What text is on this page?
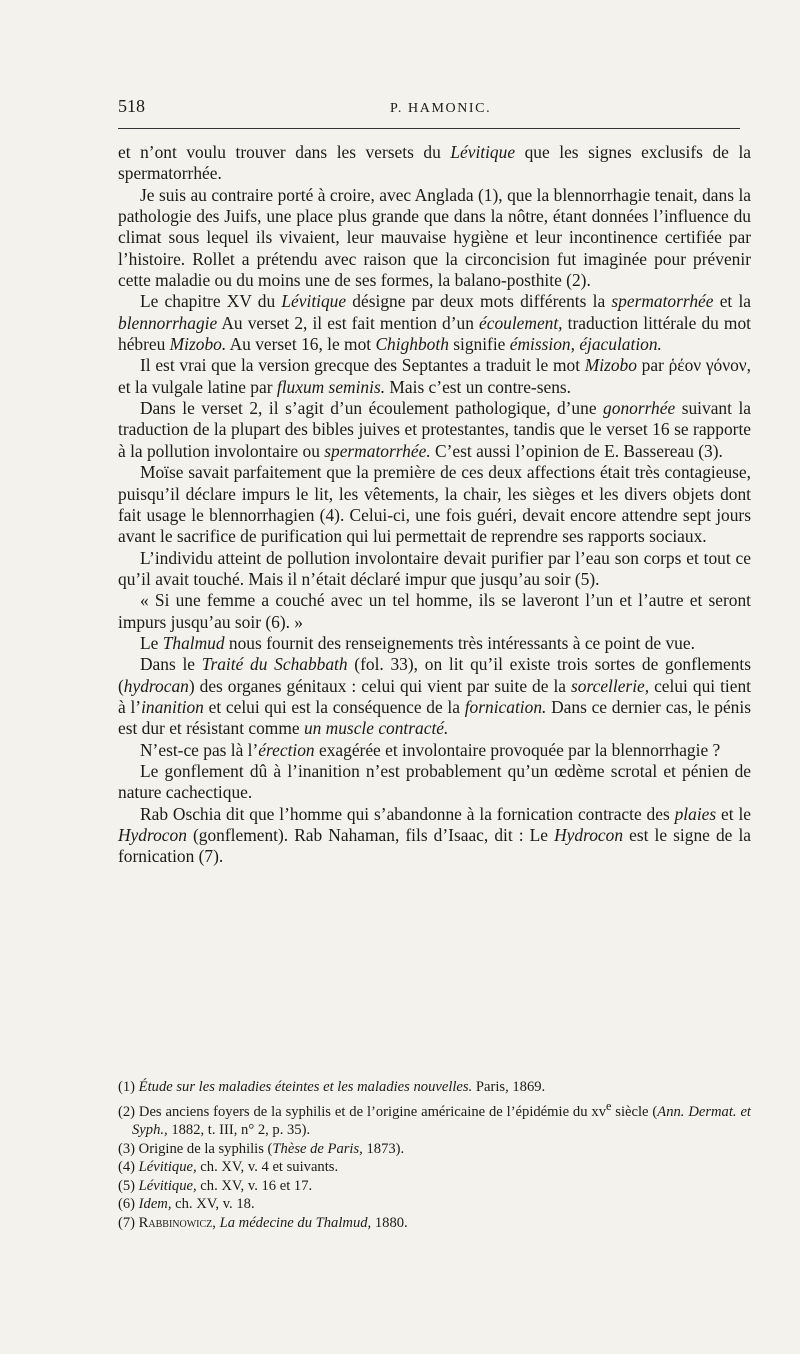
518	P. HAMONIC.

et n’ont voulu trouver dans les versets du Lévitique que les signes exclusifs de la spermatorrhée.

Je suis au contraire porté à croire, avec Anglada (1), que la blennorrhagie tenait, dans la pathologie des Juifs, une place plus grande que dans la nôtre, étant données l’influence du climat sous lequel ils vivaient, leur mauvaise hygiène et leur incontinence certifiée par l’histoire. Rollet a prétendu avec raison que la circoncision fut imaginée pour prévenir cette maladie ou du moins une de ses formes, la balano-posthite (2).

Le chapitre XV du Lévitique désigne par deux mots différents la spermatorrhée et la blennorrhagie Au verset 2, il est fait mention d’un écoulement, traduction littérale du mot hébreu Mizobo. Au verset 16, le mot Chighboth signifie émission, éjaculation.

Il est vrai que la version grecque des Septantes a traduit le mot Mizobo par ῥέον γόνον, et la vulgale latine par fluxum seminis. Mais c’est un contre-sens.

Dans le verset 2, il s’agit d’un écoulement pathologique, d’une gonorrhée suivant la traduction de la plupart des bibles juives et protestantes, tandis que le verset 16 se rapporte à la pollution involontaire ou spermatorrhée. C’est aussi l’opinion de E. Bassereau (3).

Moïse savait parfaitement que la première de ces deux affections était très contagieuse, puisqu’il déclare impurs le lit, les vêtements, la chair, les sièges et les divers objets dont fait usage le blennorrhagien (4). Celui-ci, une fois guéri, devait encore attendre sept jours avant le sacrifice de purification qui lui permettait de reprendre ses rapports sociaux.

L’individu atteint de pollution involontaire devait purifier par l’eau son corps et tout ce qu’il avait touché. Mais il n’était déclaré impur que jusqu’au soir (5).

« Si une femme a couché avec un tel homme, ils se laveront l’un et l’autre et seront impurs jusqu’au soir (6). »

Le Thalmud nous fournit des renseignements très intéressants à ce point de vue.

Dans le Traité du Schabbath (fol. 33), on lit qu’il existe trois sortes de gonflements (hydrocan) des organes génitaux : celui qui vient par suite de la sorcellerie, celui qui tient à l’inanition et celui qui est la conséquence de la fornication. Dans ce dernier cas, le pénis est dur et résistant comme un muscle contracté.

N’est-ce pas là l’érection exagérée et involontaire provoquée par la blennorrhagie ?

Le gonflement dû à l’inanition n’est probablement qu’un œdème scrotal et pénien de nature cachectique.

Rab Oschia dit que l’homme qui s’abandonne à la fornication contracte des plaies et le Hydrocon (gonflement). Rab Nahaman, fils d’Isaac, dit : Le Hydrocon est le signe de la fornication (7).

(1) Étude sur les maladies éteintes et les maladies nouvelles. Paris, 1869.
(2) Des anciens foyers de la syphilis et de l’origine américaine de l’épidémie du $xv^e$ siècle (Ann. Dermat. et Syph., 1882, t. III, n° 2, p. 35).
(3) Origine de la syphilis (Thèse de Paris, 1873).
(4) Lévitique, ch. XV, v. 4 et suivants.
(5) Lévitique, ch. XV, v. 16 et 17.
(6) Idem, ch. XV, v. 18.
(7) Rabbinowicz, La médecine du Thalmud, 1880.
